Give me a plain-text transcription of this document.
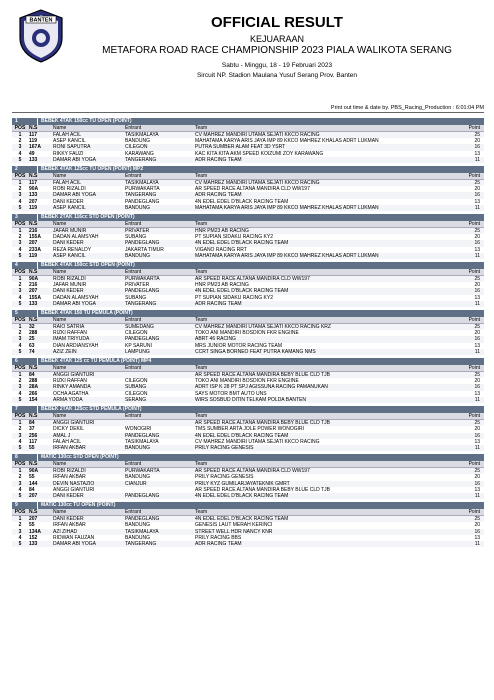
BANTEN	OFFICIAL RESULT
KEJUARAAN
METAFORA ROAD RACE CHAMPIONSHIP 2023 PIALA WALIKOTA SERANG
Sabtu - Minggu, 18 - 19 Februari 2023
Sircuit NP. Stadion Maulana Yusuf Serang Prov. Banten
Print out time & date by. PBS_Racing_Production : 6:01:04 PM
1	BEBEK 4TAK 150cc TU OPEN (POINT)
POS	N.S	Name	Entrant	Team	Point
1	117	FALAH ACIL	TASIKMALAYA	CV MAHREZ MANDIRI UTAMA SEJATI KKCO RACING	25
2	119	ASEP KANCIL	BANDUNG	MAHATAMA KARYA ARIS JAYA IMP 89 KKCO MAHREZ KHALAS ADRT LUKMAN	20
3	167A	RONI SAPUTRA	CILEGON	PUTRA SUMBER ALAM FEAT 3D YSRT	16
4	49	RIKKY FAUZI	KARAWANG	KAC KITA KITA AKM SPEED KOIZUMI ZOY KARAWANG	13
5	133	DAMAR ABI YOGA	TANGERANG	ADR RACING TEAM	11
2	BEBEK 4TAK 125cc TU OPEN (POINT) MP2
POS	N.S	Name	Entrant	Team	Point
1	117	FALAH ACIL	TASIKMALAYA	CV MAHREZ MANDIRI UTAMA SEJATI KKCO RACING	25
2	90A	ROBI RIZALDI	PURWAKARTA	AR SPEED RACE ALTANA MANDIRA CLD WW197	20
3	133	DAMAR ABI YOGA	TANGERANG	ADR RACING TEAM	16
4	207	DANI KEDER	PANDEGLANG	4N EDEL EDEL D'BLACK RACING TEAM	13
5	119	ASEP KANCIL	BANDUNG	MAHATAMA KARYA ARIS JAYA IMP 89 KKCO MAHREZ KHALAS ADRT LUKMAN	11
3	BEBEK 2TAK 116cc STD OPEN (POINT)
POS	N.S	Name	Entrant	Team	Point
1	216	JAFAR MUNIR	PRIVATER	HNR PM23 AB RACING	25
2	155A	DADAN ALAMSYAH	SUBANG	PT SUPIAN SIDAKU RACING KY2	20
3	207	DANI KEDER	PANDEGLANG	4N EDEL EDEL D'BLACK RACING TEAM	16
4	233A	REZA RENALDY	JAKARTA TIMUR	VIGANO RACING RRT	13
5	119	ASEP KANCIL	BANDUNG	MAHATAMA KARYA ARIS JAYA IMP 89 KKCO MAHREZ KHALAS ADRT LUKMAN	11
4	BEBEK 4TAK 150cc STD OPEN (POINT)
POS	N.S	Name	Entrant	Team	Point
1	90A	ROBI RIZALDI	PURWAKARTA	AR SPEED RACE ALTANA MANDIRA CLD WW197	25
2	216	JAFAR MUNIR	PRIVATER	HNR PM23 AB RACING	20
3	207	DANI KEDER	PANDEGLANG	4N EDEL EDEL D'BLACK RACING TEAM	16
4	155A	DADAN ALAMSYAH	SUBANG	PT SUPIAN SIDAKU RACING KY2	13
5	133	DAMAR ABI YOGA	TANGERANG	ADR RACING TEAM	11
5	BEBEK 4TAK 150 TU PEMULA (POINT)
POS	N.S	Name	Entrant	Team	Point
1	32	RAIO SATRIA	SUMEDANG	CV MAHREZ MANDIRI UTAMA SEJATI KKCO RACING KRZ	25
2	288	RIZKI RAFFAN	CILEGON	TOKO ANI MANDIRI BOSDION FKR ENGIINE	20
3	25	IMAM TRIYUDA	PANDEGLANG	ABRT 46 RACING	16
4	63	DIAN ARDIANSYAH	KP SARUNI	MRS JUNIOR MOTOR RACING TEAM	13
5	74	AZIZ ZEIN	LAMPUNG	CCRT SINGA BORNEO FEAT PUTRA KAMANG NMS	11
6	BEBEK 4TAK 125 cc TU PEMULA (POINT) MP4
POS	N.S	Name	Entrant	Team	Point
1	84	ANGGI GIANTURI		AR SPEED RACE ALTANA MANDIRA BEBY BLUE CLD TJB	25
2	288	RIZKI RAFFAN	CILEGON	TOKO ANI MANDIRI BOSDION FKR ENGIINE	20
3	28A	RINKY AMANDA	SUBANG	ADRT ISP K 28 PT SPJ AGISSUNA RACING PAMANUKAN	16
4	266	OCHA AGATHA	CILEGON	SAYS MOTOR BMT AUTO UNS	13
5	154	ARMA YODA	SERANG	WIRS SOSBUD DITIN TELKAM POLDA BANTEN	11
7	BEBEK 2TAK 125cc STD PEMULA (POINT)
POS	N.S	Name	Entrant	Team	Point
1	84	ANGGI GIANTURI		AR SPEED RACE ALTANA MANDIRA BEBY BLUE CLD TJB	25
2	37	DICKY DEKIL	WONOGIRI	TMS SUMBER ARTA JOLE POWER WONOGIRI	20
3	256	AMAL J	PANDEGLANG	4N EDEL EDEL D'BLACK RACING TEAM	16
4	117	FALAH ACIL	TASIKMALAYA	CV MAHREZ MANDIRI UTAMA SEJATI KKCO RACING	13
5	55	IRFAN AKBAR	BANDUNG	PRILY RACING GENESIS	11
8	MATIC 130cc STD OPEN (POINT)
POS	N.S	Name	Entrant	Team	Point
1	90A	ROBI RIZALDI	PURWAKARTA	AR SPEED RACE ALTANA MANDIRA CLD WW197	25
2	55	IRFAN AKBAR	BANDUNG	PRILY RACING GENESIS	20
3	144	DEVIN NASTAZIO	CIANJUR	PRILY KYZ GUMILARJAYATEKNIK GMRT	16
4	84	ANGGI GIANTURI		AR SPEED RACE ALTANA MANDIRA BEBY BLUE CLD TJB	13
5	207	DANI KEDER	PANDEGLANG	4N EDEL EDEL D'BLACK RACING TEAM	11
9	MATIC 130cc TU OPEN (POINT)
POS	N.S	Name	Entrant	Team	Point
1	207	DANI KEDER	PANDEGLANG	4N EDEL EDEL D'BLACK RACING TEAM	25
2	55	IRFAN AKBAR	BANDUNG	GENESIS LAUT MERAH KERINCI	20
3	134A	AZI ZIHAD	TASIKMALAYA	STREET WELL HDR NANCY KNR	16
4	152	RIDWAN FAUZAN	BANDUNG	PRILY RACING BBS	13
5	133	DAMAR ABI YOGA	TANGERANG	ADR RACING TEAM	11
